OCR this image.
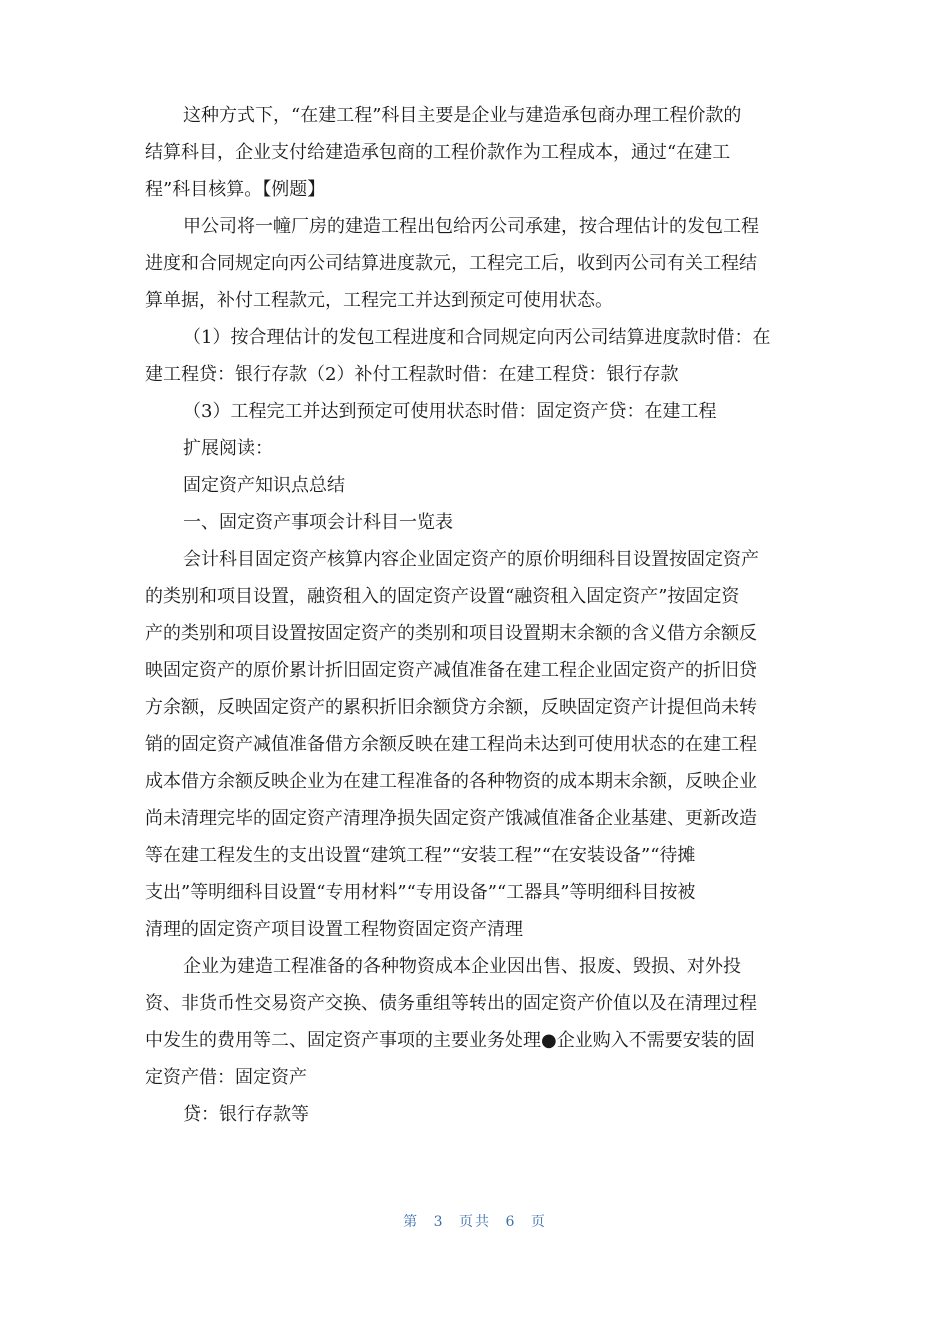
这种方式下，“在建工程”科目主要是企业与建造承包商办理工程价款的
结算科目，企业支付给建造承包商的工程价款作为工程成本，通过“在建工
程”科目核算。【例题】

甲公司将一幢厂房的建造工程出包给丙公司承建，按合理估计的发包工程
进度和合同规定向丙公司结算进度款元，工程完工后，收到丙公司有关工程结
算单据，补付工程款元，工程完工并达到预定可使用状态。

（1）按合理估计的发包工程进度和合同规定向丙公司结算进度款时借：在
建工程贷：银行存款（2）补付工程款时借：在建工程贷：银行存款

（3）工程完工并达到预定可使用状态时借：固定资产贷：在建工程

扩展阅读：

固定资产知识点总结

一、固定资产事项会计科目一览表

会计科目固定资产核算内容企业固定资产的原价明细科目设置按固定资产
的类别和项目设置，融资租入的固定资产设置“融资租入固定资产”按固定资
产的类别和项目设置按固定资产的类别和项目设置期末余额的含义借方余额反
映固定资产的原价累计折旧固定资产减值准备在建工程企业固定资产的折旧贷
方余额，反映固定资产的累积折旧余额贷方余额，反映固定资产计提但尚未转
销的固定资产减值准备借方余额反映在建工程尚未达到可使用状态的在建工程
成本借方余额反映企业为在建工程准备的各种物资的成本期末余额，反映企业
尚未清理完毕的固定资产清理净损失固定资产饿减值准备企业基建、更新改造
等在建工程发生的支出设置“建筑工程”“安装工程”“在安装设备”“待摊
支出”等明细科目设置“专用材料”“专用设备”“工器具”等明细科目按被
清理的固定资产项目设置工程物资固定资产清理

企业为建造工程准备的各种物资成本企业因出售、报废、毁损、对外投
资、非货币性交易资产交换、债务重组等转出的固定资产价值以及在清理过程
中发生的费用等二、固定资产事项的主要业务处理●企业购入不需要安装的固
定资产借：固定资产

贷：银行存款等

第 3 页共 6 页
